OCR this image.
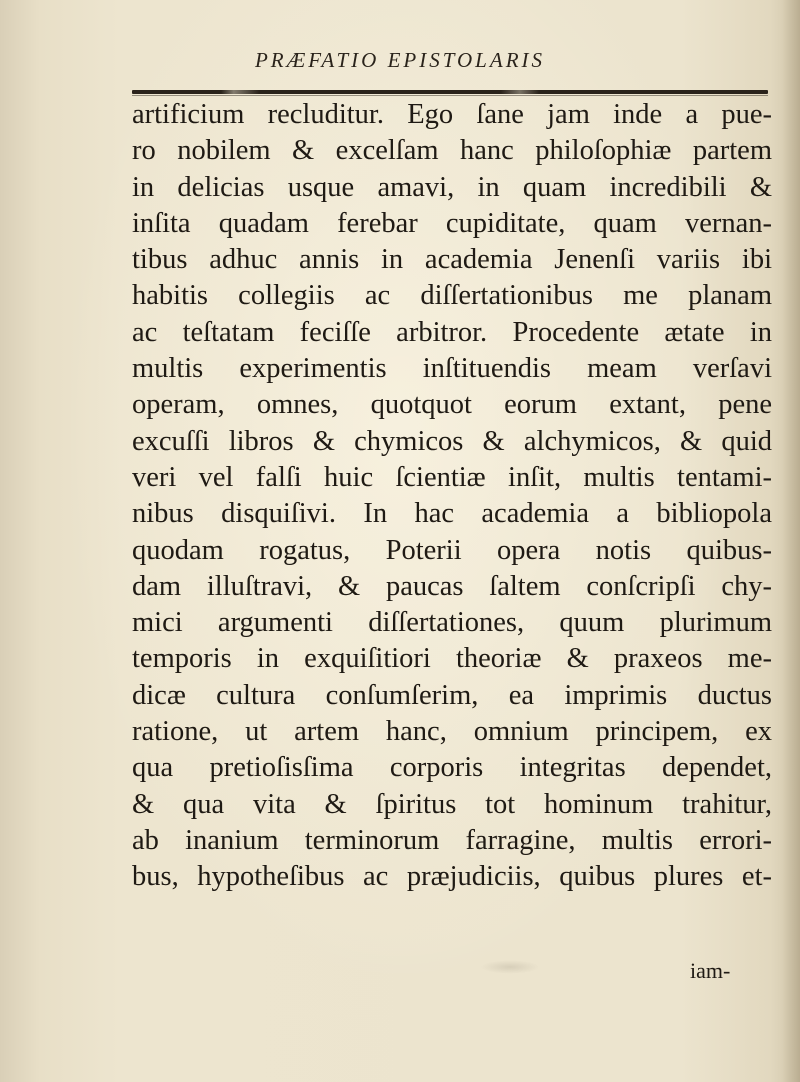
PRÆFATIO EPISTOLARIS
artificium recluditur. Ego ſane jam inde a pue-
ro nobilem & excelſam hanc philoſophiæ partem
in delicias usque amavi, in quam incredibili &
inſita quadam ferebar cupiditate, quam vernan-
tibus adhuc annis in academia Jenenſi variis ibi
habitis collegiis ac diſſertationibus me planam
ac teſtatam feciſſe arbitror. Procedente ætate in
multis experimentis inſtituendis meam verſavi
operam, omnes, quotquot eorum extant, pene
excuſſi libros & chymicos & alchymicos, & quid
veri vel falſi huic ſcientiæ inſit, multis tentami-
nibus disquiſivi. In hac academia a bibliopola
quodam rogatus, Poterii opera notis quibus-
dam illuſtravi, & paucas ſaltem conſcripſi chy-
mici argumenti diſſertationes, quum plurimum
temporis in exquiſitiori theoriæ & praxeos me-
dicæ cultura conſumſerim, ea imprimis ductus
ratione, ut artem hanc, omnium principem, ex
qua pretioſisſima corporis integritas dependet,
& qua vita & ſpiritus tot hominum trahitur,
ab inanium terminorum farragine, multis errori-
bus, hypotheſibus ac præjudiciis, quibus plures et-
iam-
